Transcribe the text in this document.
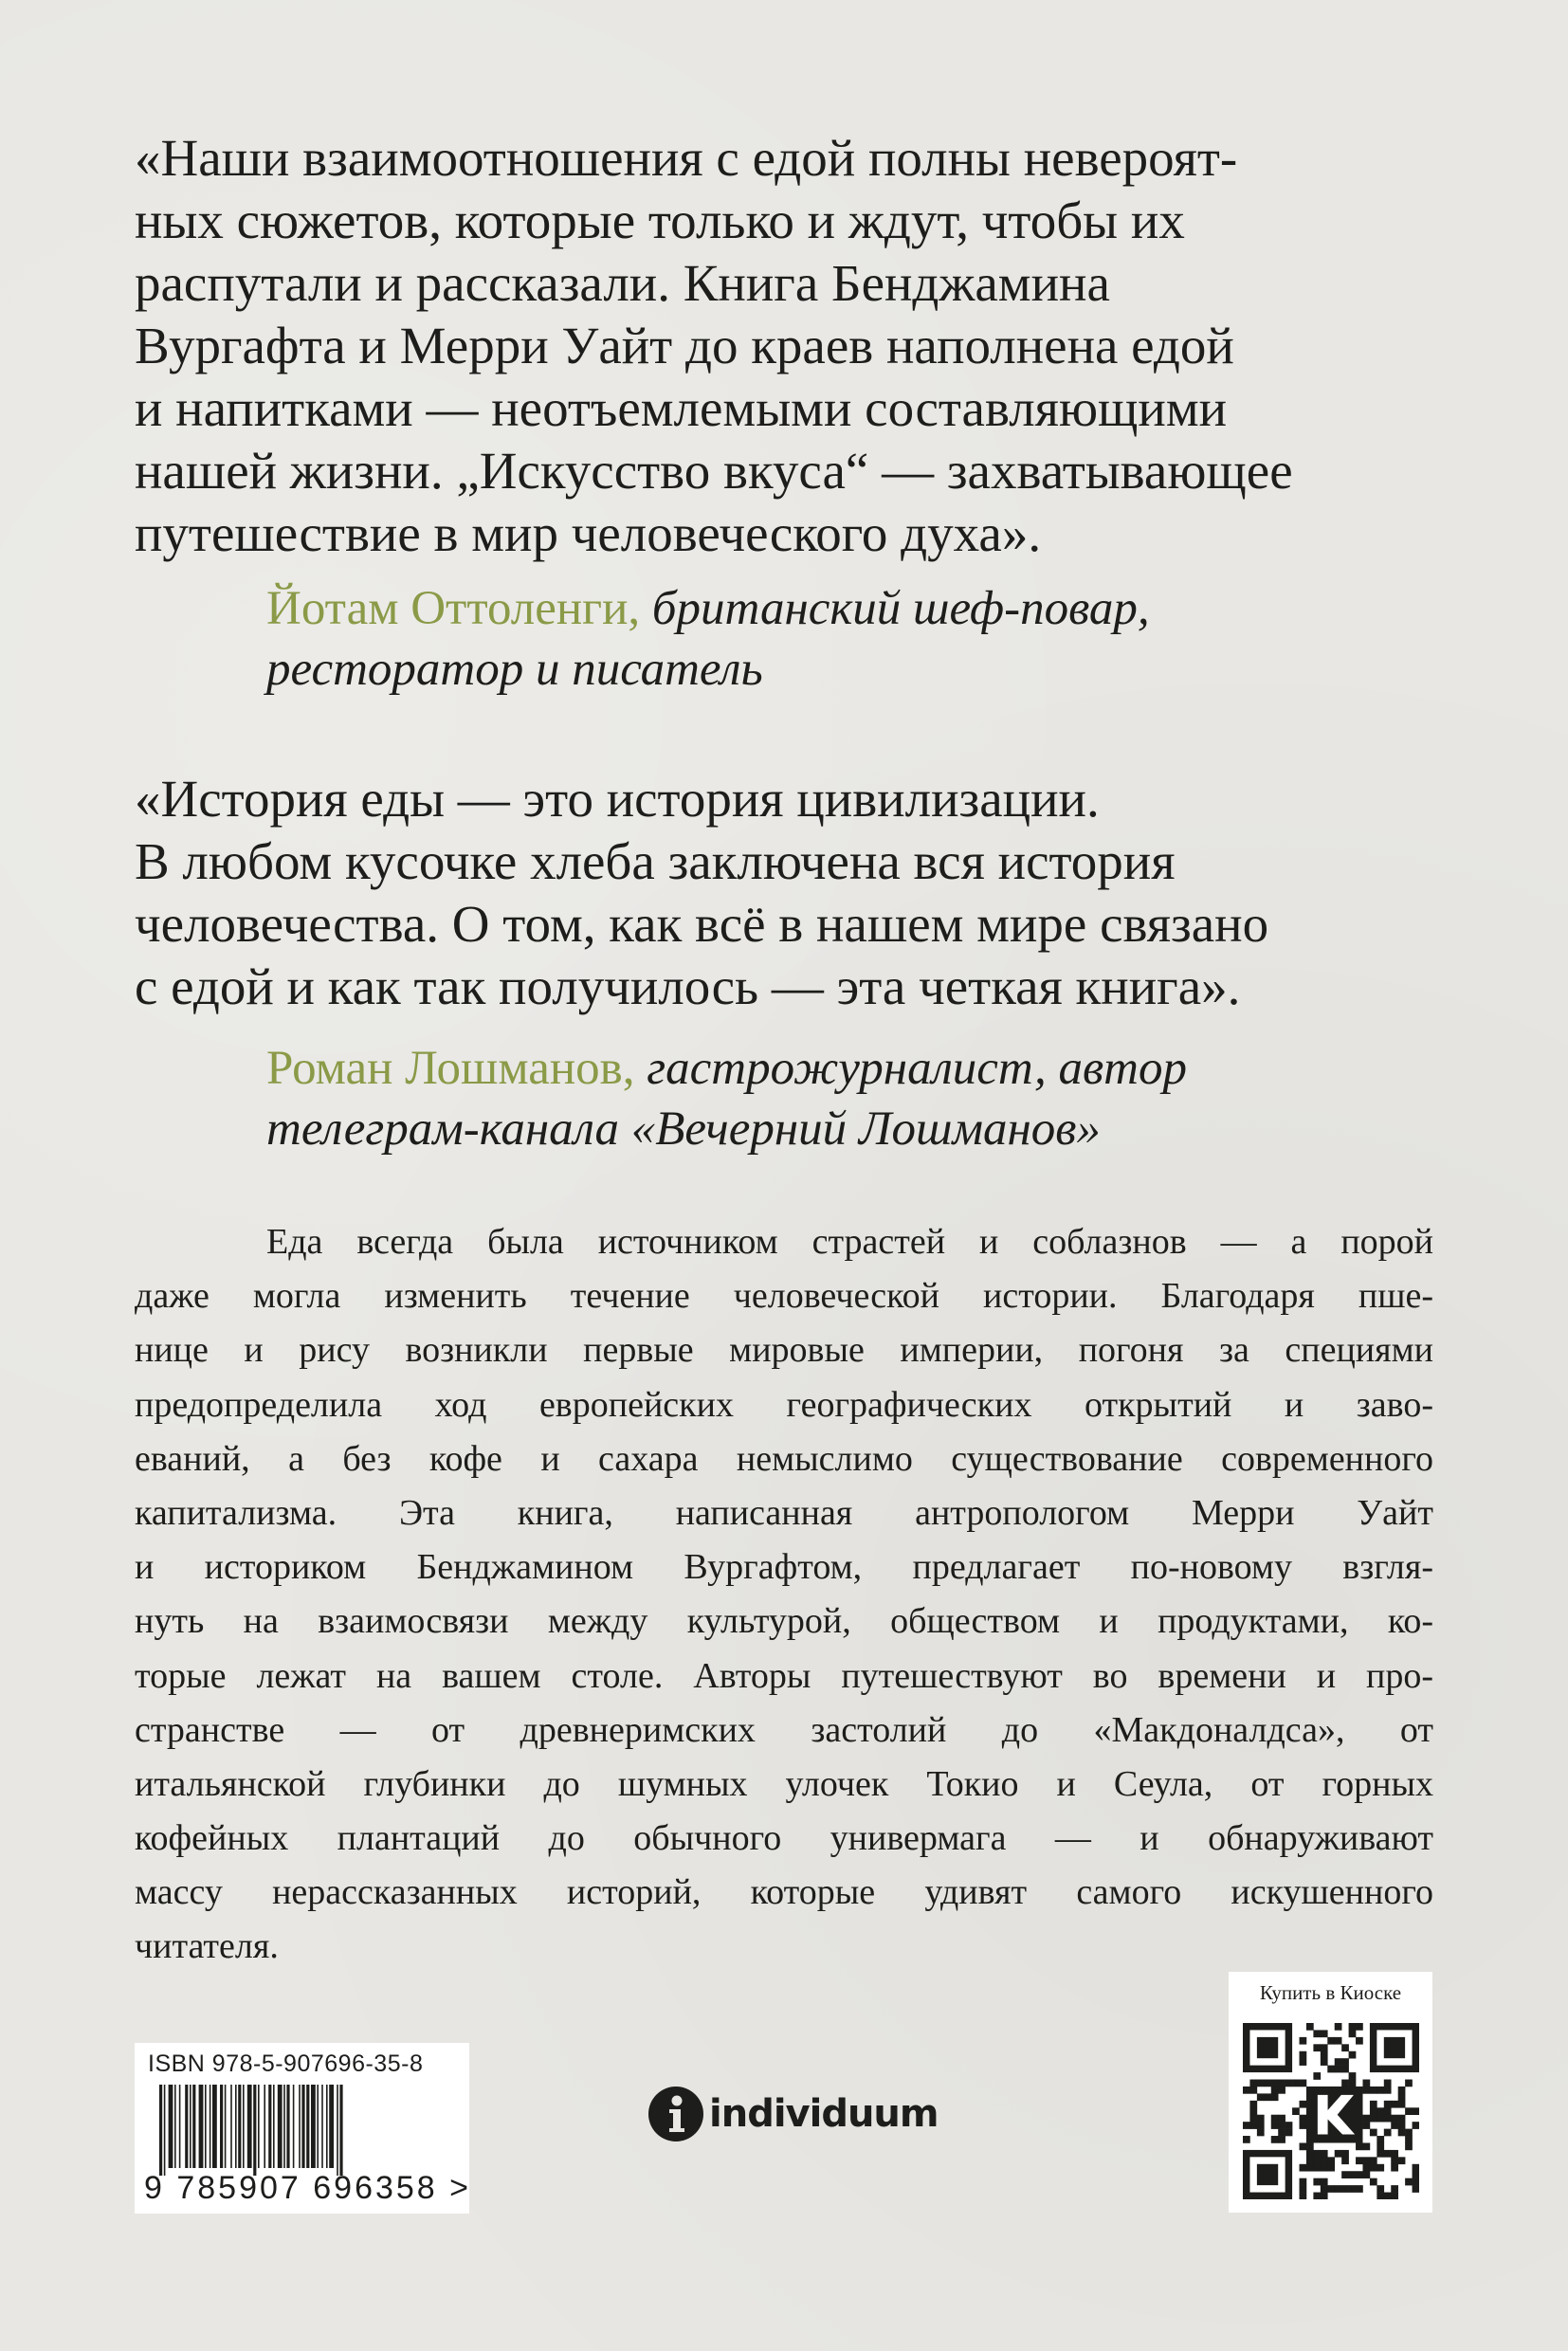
«Наши взаимоотношения с едой полны невероят-
ных сюжетов, которые только и ждут, чтобы их
распутали и рассказали. Книга Бенджамина
Вургафта и Мерри Уайт до краев наполнена едой
и напитками — неотъемлемыми составляющими
нашей жизни. „Искусство вкуса“ — захватывающее
путешествие в мир человеческого духа».
Йотам Оттоленги, британский шеф-повар,
ресторатор и писатель
«История еды — это история цивилизации.
В любом кусочке хлеба заключена вся история
человечества. О том, как всё в нашем мире связано
с едой и как так получилось — эта четкая книга».
Роман Лошманов, гастрожурналист, автор
телеграм-канала «Вечерний Лошманов»
Еда всегда была источником страстей и соблазнов — а порой
даже могла изменить течение человеческой истории. Благодаря пше-
нице и рису возникли первые мировые империи, погоня за специями
предопределила ход европейских географических открытий и заво-
еваний, а без кофе и сахара немыслимо существование современного
капитализма. Эта книга, написанная антропологом Мерри Уайт
и историком Бенджамином Вургафтом, предлагает по-новому взгля-
нуть на взаимосвязи между культурой, обществом и продуктами, ко-
торые лежат на вашем столе. Авторы путешествуют во времени и про-
странстве — от древнеримских застолий до «Макдоналдса», от
итальянской глубинки до шумных улочек Токио и Сеула, от горных
кофейных плантаций до обычного универмага — и обнаруживают
массу нерассказанных историй, которые удивят самого искушенного
читателя.
ISBN 978-5-907696-35-8
9 785907 696358 >
individuum
Купить в Киоске
